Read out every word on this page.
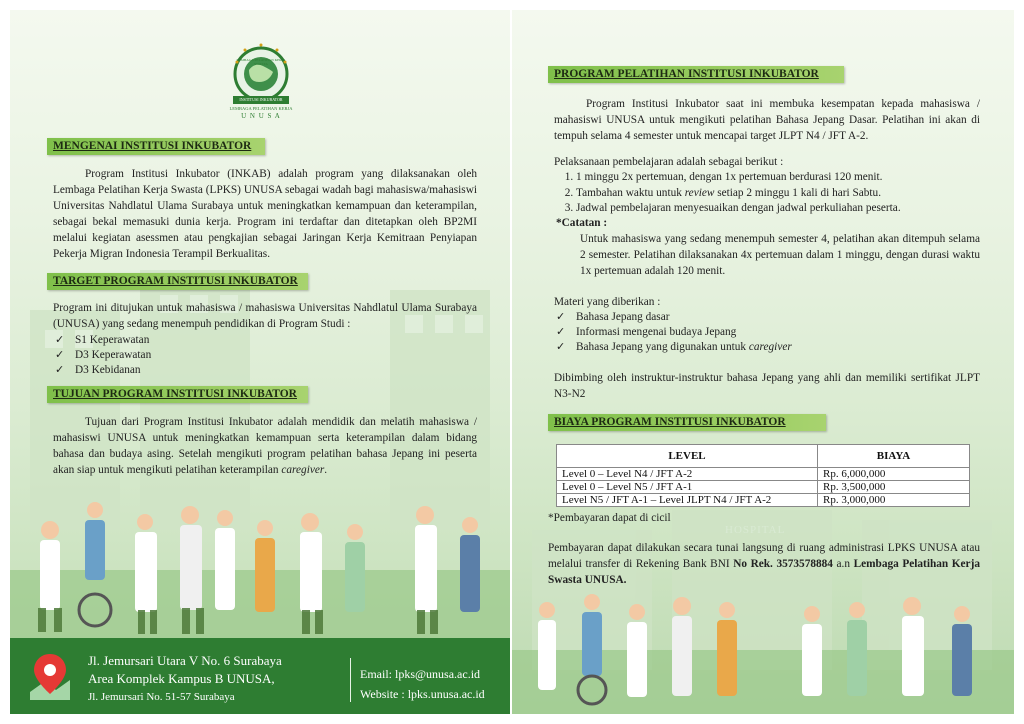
LEMBAGA PELATIHAN KERJA
U N U S A
INSTITUSI INKUBATOR
LEMBAGA PELATIHAN KERJA SWASTA
MENGENAI INSTITUSI INKUBATOR
Program Institusi Inkubator (INKAB) adalah program yang dilaksanakan oleh Lembaga Pelatihan Kerja Swasta (LPKS) UNUSA sebagai wadah bagi mahasiswa/mahasiswi Universitas Nahdlatul Ulama Surabaya untuk meningkatkan kemampuan dan keterampilan, sebagai bekal memasuki dunia kerja. Program ini terdaftar dan ditetapkan oleh BP2MI melalui kegiatan asessmen atau pengkajian sebagai Jaringan Kerja Kemitraan Penyiapan Pekerja Migran Indonesia Terampil Berkualitas.
TARGET PROGRAM INSTITUSI INKUBATOR
Program ini ditujukan untuk mahasiswa / mahasiswa Universitas Nahdlatul Ulama Surabaya (UNUSA) yang sedang menempuh pendidikan di Program Studi :
✓ S1 Keperawatan
✓ D3 Keperawatan
✓ D3 Kebidanan
TUJUAN PROGRAM INSTITUSI INKUBATOR
Tujuan dari Program Institusi Inkubator adalah mendidik dan melatih mahasiswa / mahasiswi UNUSA untuk meningkatkan kemampuan serta keterampilan dalam bidang bahasa dan budaya asing. Setelah mengikuti program pelatihan bahasa Jepang ini peserta akan siap untuk mengikuti pelatihan keterampilan caregiver.
Jl. Jemursari Utara V No. 6 Surabaya
Area Komplek Kampus B UNUSA,
Jl. Jemursari No. 51-57 Surabaya
Email: lpks@unusa.ac.id
Website : lpks.unusa.ac.id
HOSPITAL
PROGRAM PELATIHAN INSTITUSI INKUBATOR
Program Institusi Inkubator saat ini membuka kesempatan kepada mahasiswa / mahasiswi UNUSA untuk mengikuti pelatihan Bahasa Jepang Dasar. Pelatihan ini akan di tempuh selama 4 semester untuk mencapai target JLPT N4 / JFT A-2.
Pelaksanaan pembelajaran adalah sebagai berikut :
1. 1 minggu 2x pertemuan, dengan 1x pertemuan berdurasi 120 menit.
2. Tambahan waktu untuk review setiap 2 minggu 1 kali di hari Sabtu.
3. Jadwal pembelajaran menyesuaikan dengan jadwal perkuliahan peserta.
*Catatan :
Untuk mahasiswa yang sedang menempuh semester 4, pelatihan akan ditempuh selama 2 semester. Pelatihan dilaksanakan 4x pertemuan dalam 1 minggu, dengan durasi waktu 1x pertemuan adalah 120 menit.
Materi yang diberikan :
✓ Bahasa Jepang dasar
✓ Informasi mengenai budaya Jepang
✓ Bahasa Jepang yang digunakan untuk caregiver
Dibimbing oleh instruktur-instruktur bahasa Jepang yang ahli dan memiliki sertifikat JLPT N3-N2
BIAYA PROGRAM INSTITUSI INKUBATOR
LEVEL	BIAYA
Level 0 – Level N4 / JFT A-2	Rp. 6,000,000
Level 0 – Level N5 / JFT A-1	Rp. 3,500,000
Level N5 / JFT A-1 – Level JLPT N4 / JFT A-2	Rp. 3,000,000
*Pembayaran dapat di cicil
Pembayaran dapat dilakukan secara tunai langsung di ruang administrasi LPKS UNUSA atau melalui transfer di Rekening Bank BNI No Rek. 3573578884 a.n Lembaga Pelatihan Kerja Swasta UNUSA.
